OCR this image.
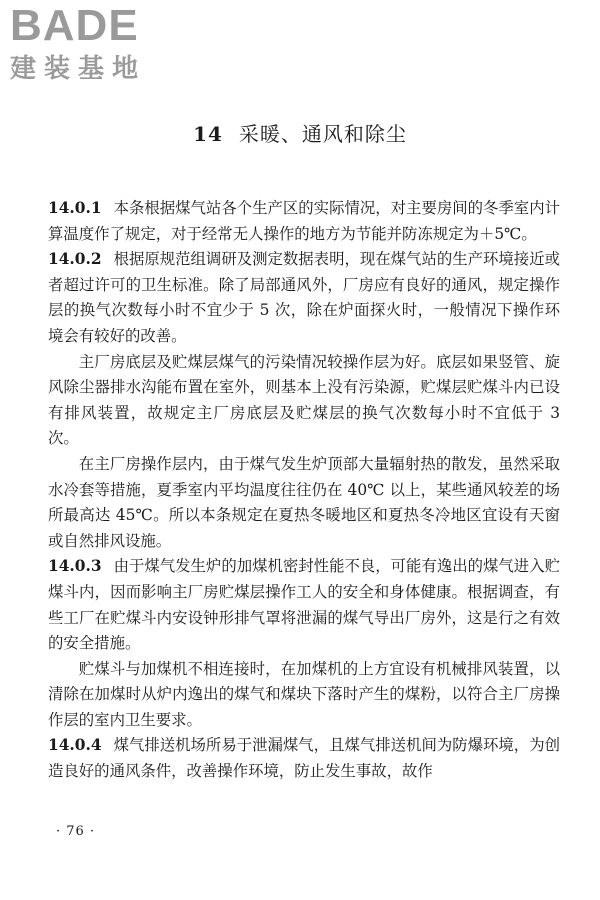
BADE
建装基地
14 采暖、通风和除尘

14.0.1 本条根据煤气站各个生产区的实际情况，对主要房间的冬季室内计算温度作了规定，对于经常无人操作的地方为节能并防冻规定为＋5℃。

14.0.2 根据原规范组调研及测定数据表明，现在煤气站的生产环境接近或者超过许可的卫生标准。除了局部通风外，厂房应有良好的通风，规定操作层的换气次数每小时不宜少于 5 次，除在炉面探火时，一般情况下操作环境会有较好的改善。

主厂房底层及贮煤层煤气的污染情况较操作层为好。底层如果竖管、旋风除尘器排水沟能布置在室外，则基本上没有污染源，贮煤层贮煤斗内已设有排风装置，故规定主厂房底层及贮煤层的换气次数每小时不宜低于 3 次。

在主厂房操作层内，由于煤气发生炉顶部大量辐射热的散发，虽然采取水冷套等措施，夏季室内平均温度往往仍在 40℃ 以上，某些通风较差的场所最高达 45℃。所以本条规定在夏热冬暖地区和夏热冬冷地区宜设有天窗或自然排风设施。

14.0.3 由于煤气发生炉的加煤机密封性能不良，可能有逸出的煤气进入贮煤斗内，因而影响主厂房贮煤层操作工人的安全和身体健康。根据调查，有些工厂在贮煤斗内安设钟形排气罩将泄漏的煤气导出厂房外，这是行之有效的安全措施。

贮煤斗与加煤机不相连接时，在加煤机的上方宜设有机械排风装置，以清除在加煤时从炉内逸出的煤气和煤块下落时产生的煤粉，以符合主厂房操作层的室内卫生要求。

14.0.4 煤气排送机场所易于泄漏煤气，且煤气排送机间为防爆环境，为创造良好的通风条件，改善操作环境，防止发生事故，故作

· 76 ·
